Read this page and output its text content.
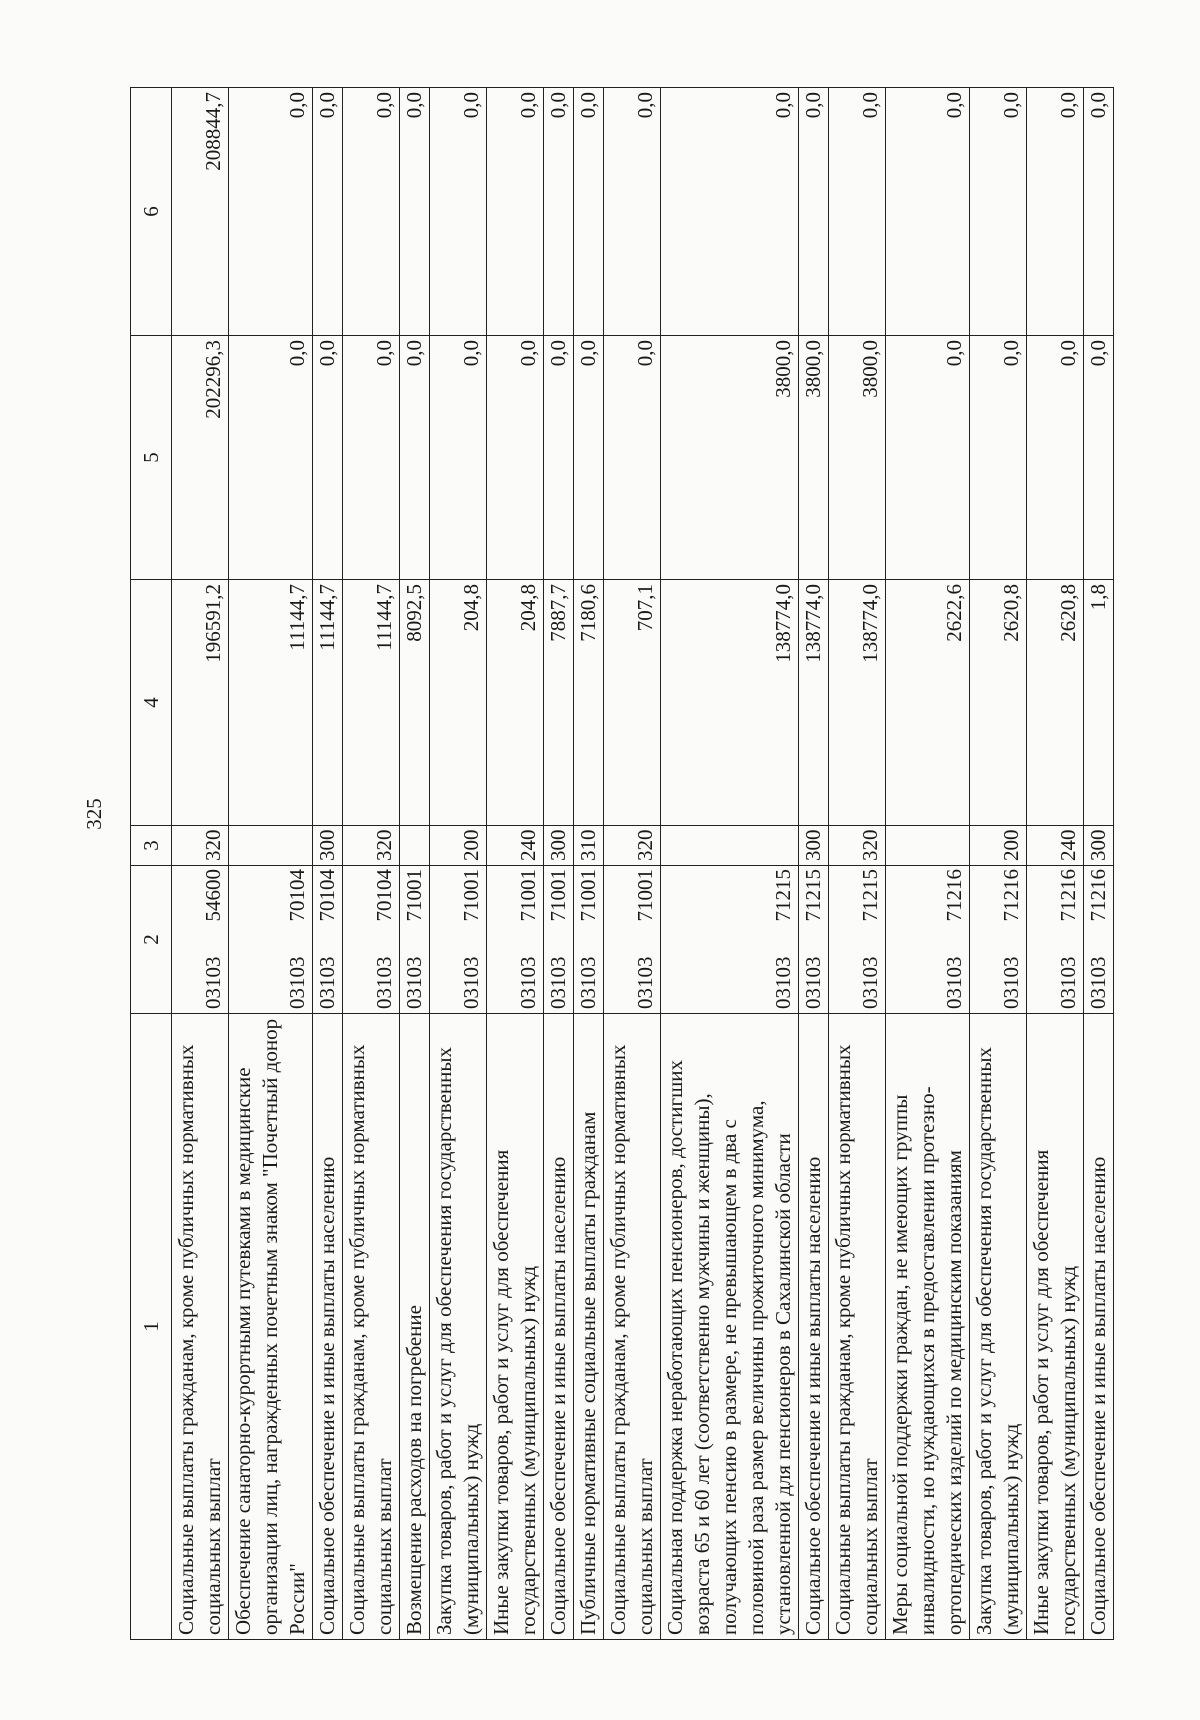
325
1	2		3	4	5	6
Социальные выплаты гражданам, кроме публичных нормативных социальных выплат	03103	54600	320	196591,2	202296,3	208844,7
Обеспечение санаторно-курортными путевками в медицинские организации лиц, награжденных почетным знаком "Почетный донор России"	03103	70104		11144,7	0,0	0,0
Социальное обеспечение и иные выплаты населению	03103	70104	300	11144,7	0,0	0,0
Социальные выплаты гражданам, кроме публичных нормативных социальных выплат	03103	70104	320	11144,7	0,0	0,0
Возмещение расходов на погребение	03103	71001		8092,5	0,0	0,0
Закупка товаров, работ и услуг для обеспечения государственных (муниципальных) нужд	03103	71001	200	204,8	0,0	0,0
Иные закупки товаров, работ и услуг для обеспечения государственных (муниципальных) нужд	03103	71001	240	204,8	0,0	0,0
Социальное обеспечение и иные выплаты населению	03103	71001	300	7887,7	0,0	0,0
Публичные нормативные социальные выплаты гражданам	03103	71001	310	7180,6	0,0	0,0
Социальные выплаты гражданам, кроме публичных нормативных социальных выплат	03103	71001	320	707,1	0,0	0,0
Социальная поддержка неработающих пенсионеров, достигших возраста 65 и 60 лет (соответственно мужчины и женщины), получающих пенсию в размере, не превышающем в два с половиной раза размер величины прожиточного минимума, установленной для пенсионеров в Сахалинской области	03103	71215		138774,0	3800,0	0,0
Социальное обеспечение и иные выплаты населению	03103	71215	300	138774,0	3800,0	0,0
Социальные выплаты гражданам, кроме публичных нормативных социальных выплат	03103	71215	320	138774,0	3800,0	0,0
Меры социальной поддержки граждан, не имеющих группы инвалидности, но нуждающихся в предоставлении протезно-ортопедических изделий по медицинским показаниям	03103	71216		2622,6	0,0	0,0
Закупка товаров, работ и услуг для обеспечения государственных (муниципальных) нужд	03103	71216	200	2620,8	0,0	0,0
Иные закупки товаров, работ и услуг для обеспечения государственных (муниципальных) нужд	03103	71216	240	2620,8	0,0	0,0
Социальное обеспечение и иные выплаты населению	03103	71216	300	1,8	0,0	0,0
